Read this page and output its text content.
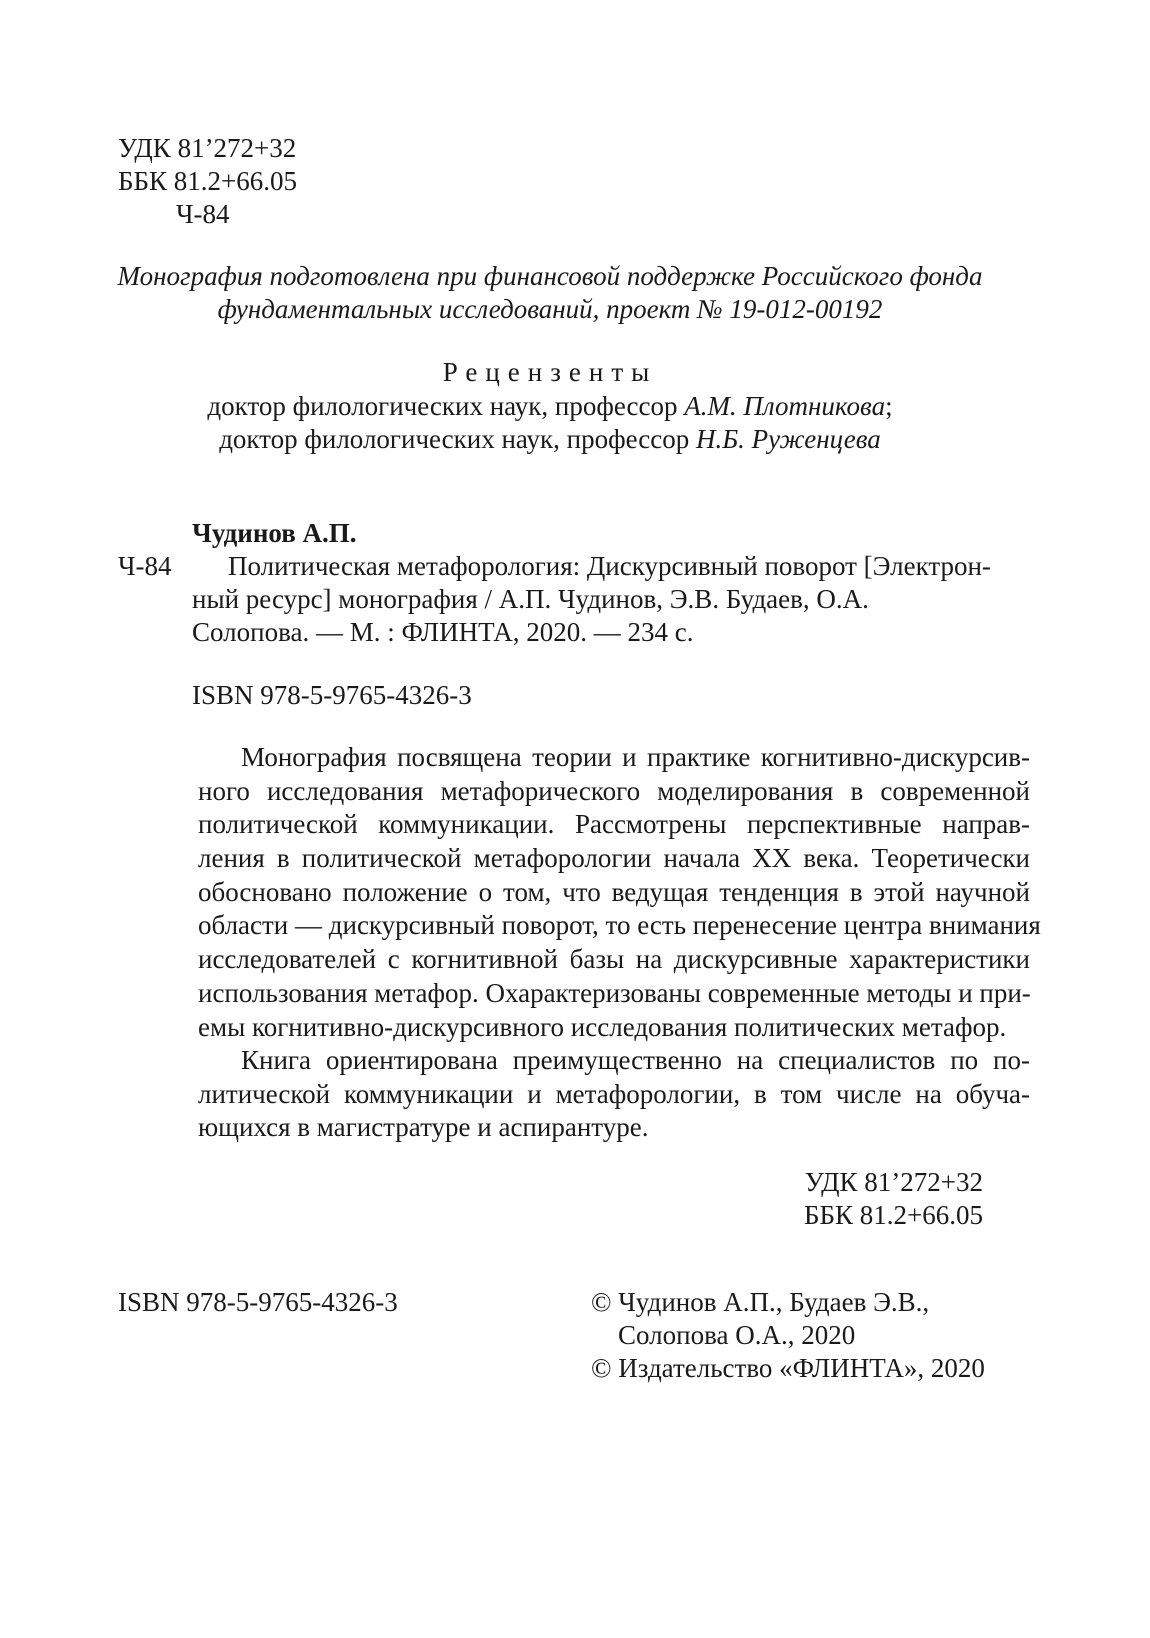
УДК 81’272+32
ББК 81.2+66.05
Ч-84
Монография подготовлена при финансовой поддержке Российского фонда
фундаментальных исследований, проект № 19-012-00192
Рецензенты
доктор филологических наук, профессор А.М. Плотникова;
доктор филологических наук, профессор Н.Б. Руженцева
Чудинов А.П.
Ч-84 Политическая метафорология: Дискурсивный поворот [Электрон-
ный ресурс] монография / А.П. Чудинов, Э.В. Будаев, О.А.
Солопова. — М. : ФЛИНТА, 2020. — 234 с.
ISBN 978-5-9765-4326-3
Монография посвящена теории и практике когнитивно-дискурсив-
ного исследования метафорического моделирования в современной
политической коммуникации. Рассмотрены перспективные направ-
ления в политической метафорологии начала XX века. Теоретически
обосновано положение о том, что ведущая тенденция в этой научной
области — дискурсивный поворот, то есть перенесение центра внимания
исследователей с когнитивной базы на дискурсивные характеристики
использования метафор. Охарактеризованы современные методы и при-
емы когнитивно-дискурсивного исследования политических метафор.
Книга ориентирована преимущественно на специалистов по по-
литической коммуникации и метафорологии, в том числе на обуча-
ющихся в магистратуре и аспирантуре.
УДК 81’272+32
ББК 81.2+66.05
ISBN 978-5-9765-4326-3	© Чудинов А.П., Будаев Э.В.,
Солопова О.А., 2020
© Издательство «ФЛИНТА», 2020
